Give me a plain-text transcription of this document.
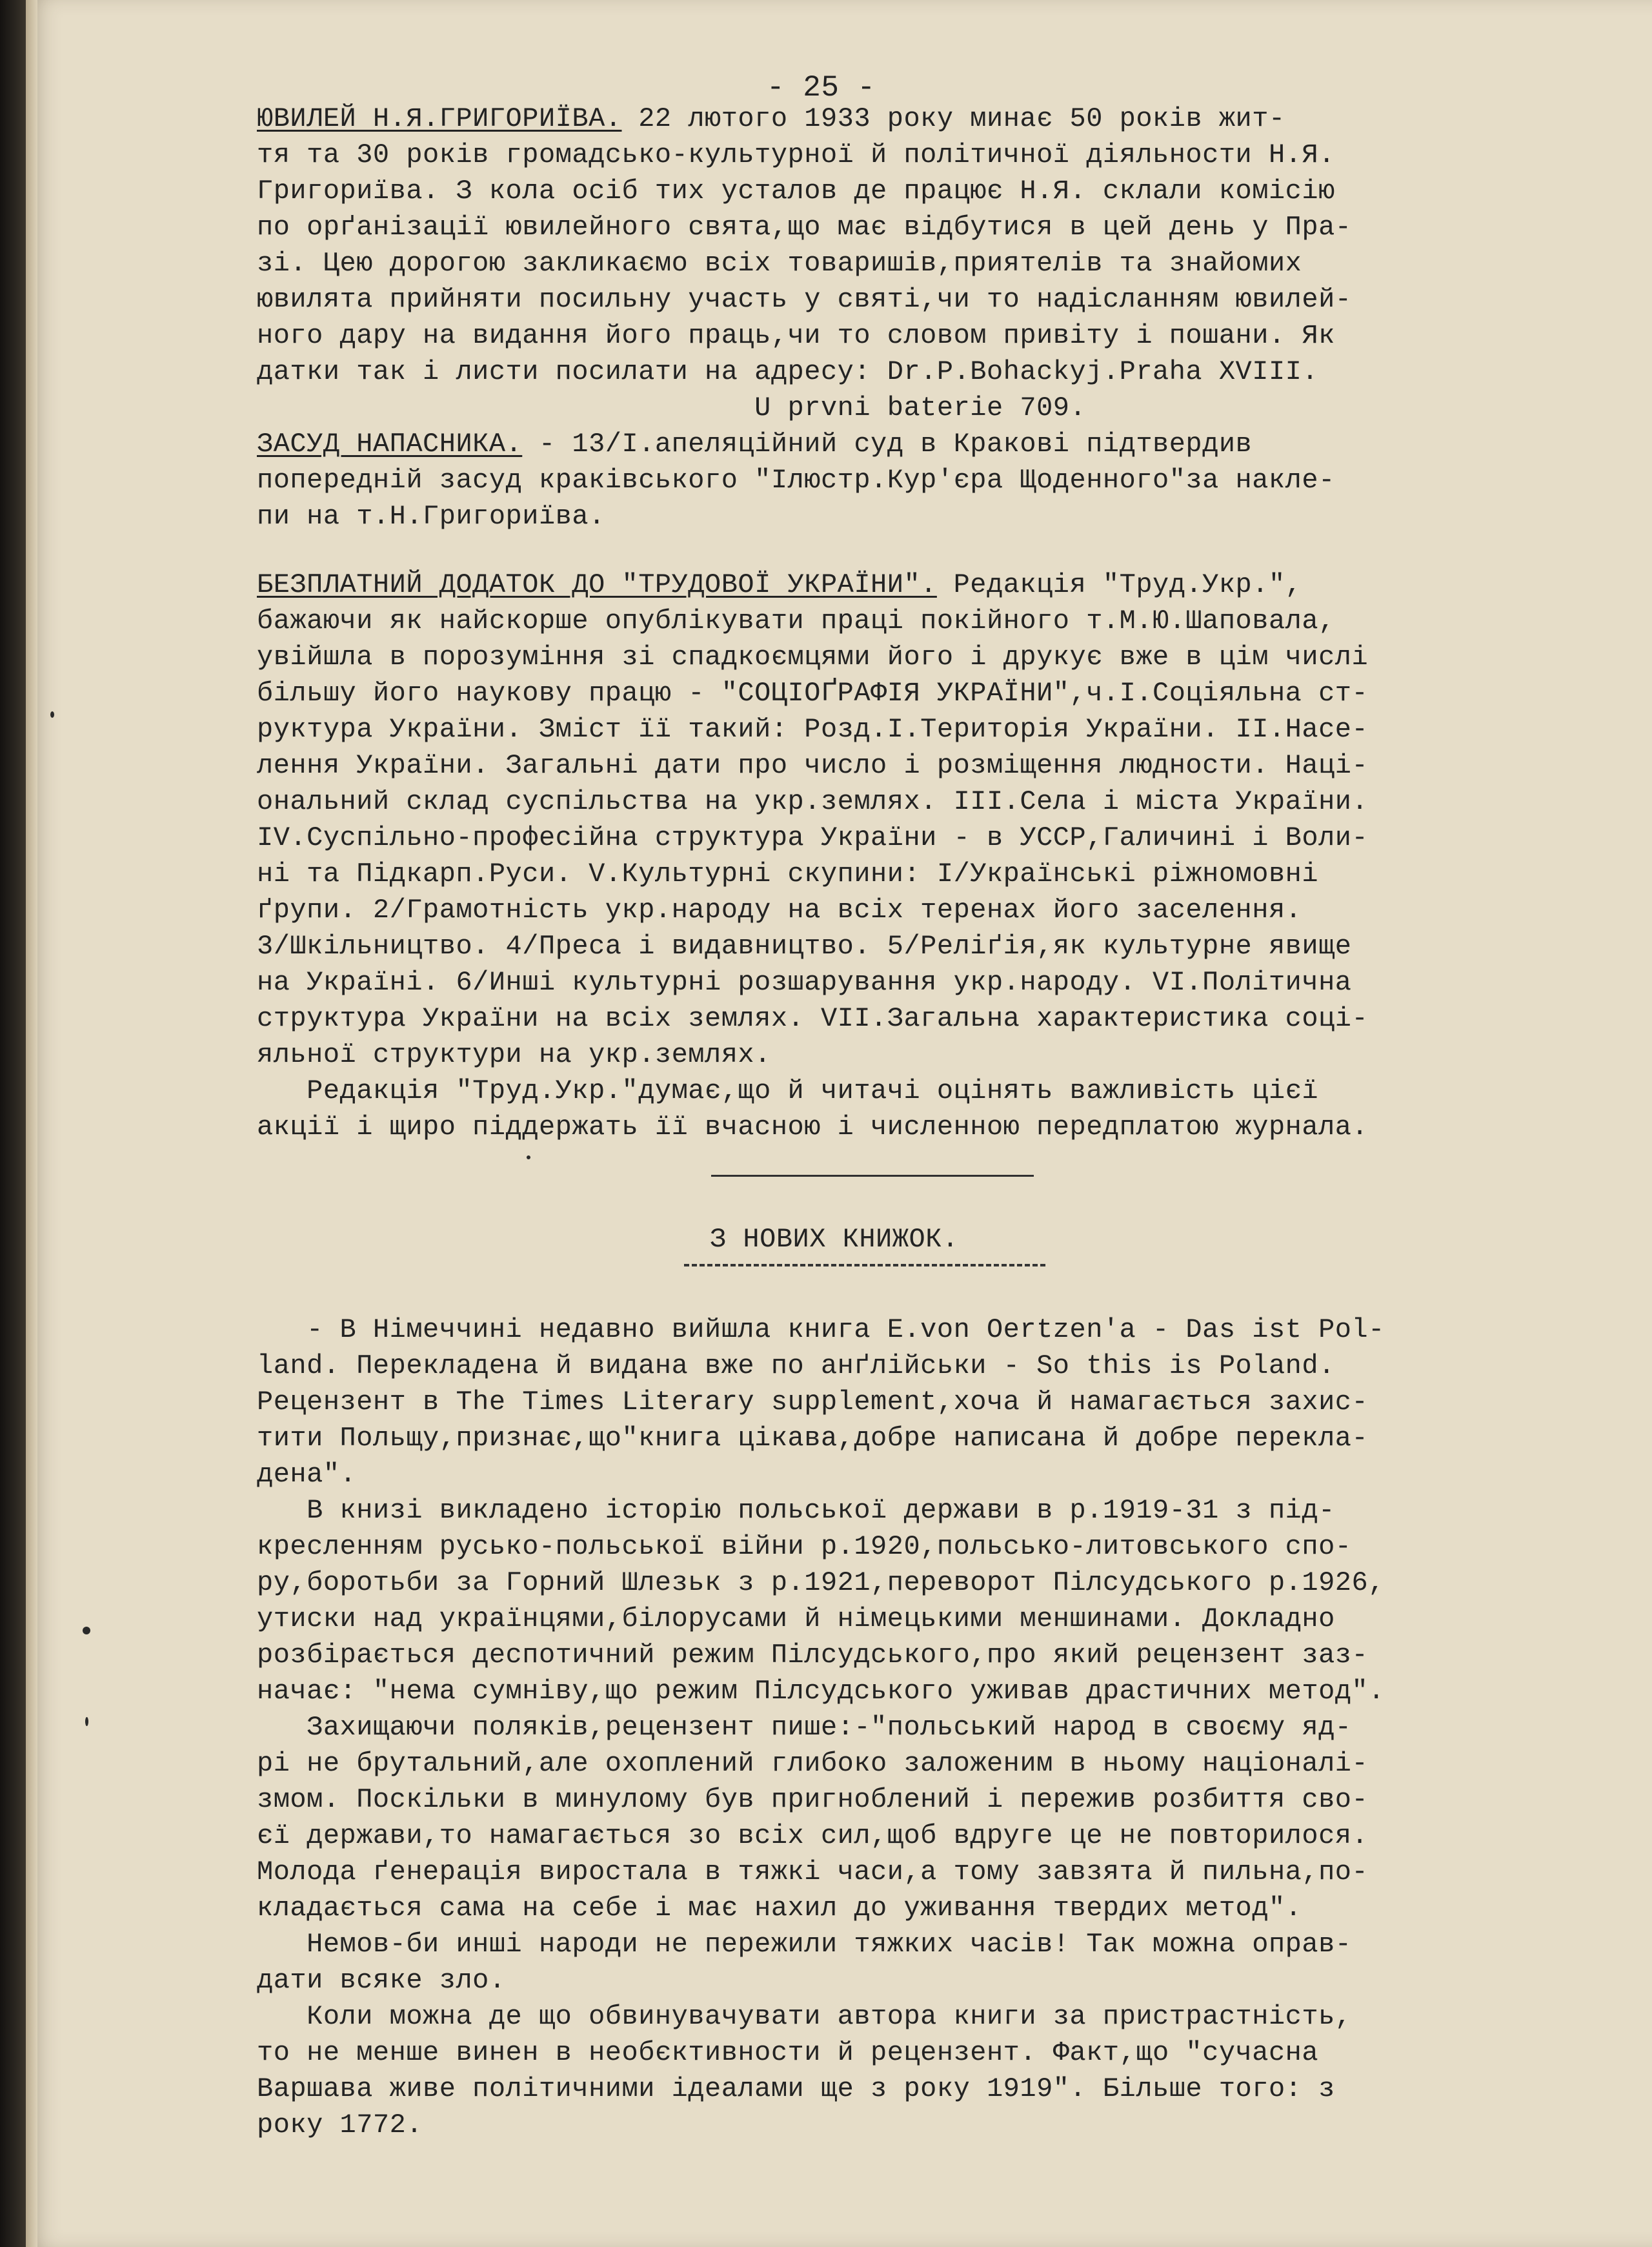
- 25 -
ЮВИЛЕЙ Н.Я.ГРИГОРИЇВА. 22 лютого 1933 року минає 50 років жит-
тя та 30 років громадсько-культурної й політичної діяльности Н.Я.
Григориїва. З кола осіб тих усталов де працює Н.Я. склали комісію
по орґанізації ювилейного свята,що має відбутися в цей день у Пра-
зі. Цею дорогою закликаємо всіх товаришів,приятелів та знайомих
ювилята прийняти посильну участь у святі,чи то надісланням ювилей-
ного дару на видання його праць,чи то словом привіту і пошани. Як
датки так і листи посилати на адресу: Dr.P.Bohackyj.Praha XVIII.
U prvni baterie 709.
ЗАСУД НАПАСНИКА. - 13/I.апеляційний суд в Кракові підтвердив
попередній засуд краківського "Ілюстр.Кур'єра Щоденного"за накле-
пи на т.Н.Григориїва.
БЕЗПЛАТНИЙ ДОДАТОК ДО "ТРУДОВОЇ УКРАЇНИ". Редакція "Труд.Укр.",
бажаючи як найскорше опублікувати праці покійного т.М.Ю.Шаповала,
увійшла в порозуміння зі спадкоємцями його і друкує вже в цім числі
більшу його наукову працю - "СОЦІОҐРАФІЯ УКРАЇНИ",ч.І.Соціяльна ст-
руктура України. Зміст її такий: Розд.І.Територія України. II.Насе-
лення України. Загальні дати про число і розміщення людности. Наці-
ональний склад суспільства на укр.землях. III.Села і міста України.
IV.Суспільно-професійна структура України - в УССР,Галичині і Воли-
ні та Підкарп.Руси. V.Культурні скупини: I/Українські ріжномовні
ґрупи. 2/Грамотність укр.народу на всіх теренах його заселення.
3/Шкільництво. 4/Преса і видавництво. 5/Реліґія,як культурне явище
на Україні. 6/Инші культурні розшарування укр.народу. VI.Політична
структура України на всіх землях. VII.Загальна характеристика соці-
яльної структури на укр.землях.
Редакція "Труд.Укр."думає,що й читачі оцінять важливість цієї
акції і щиро піддержать її вчасною і численною передплатою журнала.
З НОВИХ КНИЖОК.
- В Німеччині недавно вийшла книга E.von Oertzen'a - Das ist Pol-
land. Перекладена й видана вже по анґлійськи - So this is Poland.
Рецензент в The Times Literary supplement,хоча й намагається захис-
тити Польщу,признає,що"книга цікава,добре написана й добре переклa-
дена".
В книзі викладено історію польської держави в р.1919-31 з під-
кресленням русько-польської війни р.1920,польсько-литовського спо-
ру,боротьби за Горний Шлезьк з р.1921,переворот Пілсудського р.1926,
утиски над українцями,білорусами й німецькими меншинами. Докладно
розбірається деспотичний режим Пілсудського,про який рецензент заз-
начає: "нема сумніву,що режим Пілсудського уживав драстичних метод".
Захищаючи поляків,рецензент пише:-"польський народ в своєму яд-
рі не брутальний,але охоплений глибоко заложеним в ньому націоналі-
змом. Поскільки в минулому був пригноблений і пережив розбиття сво-
єї держави,то намагається зо всіх сил,щоб вдруге це не повторилося.
Молода ґенерація виростала в тяжкі часи,а тому завзята й пильна,по-
кладається сама на себе і має нахил до уживання твердих метод".
Немов-би инші народи не пережили тяжких часів! Так можна оправ-
дати всяке зло.
Коли можна де що обвинувачувати автора книги за пристрастність,
то не менше винен в необєктивности й рецензент. Факт,що "сучасна
Варшава живе політичними ідеалами ще з року 1919". Більше того: з
року 1772.
